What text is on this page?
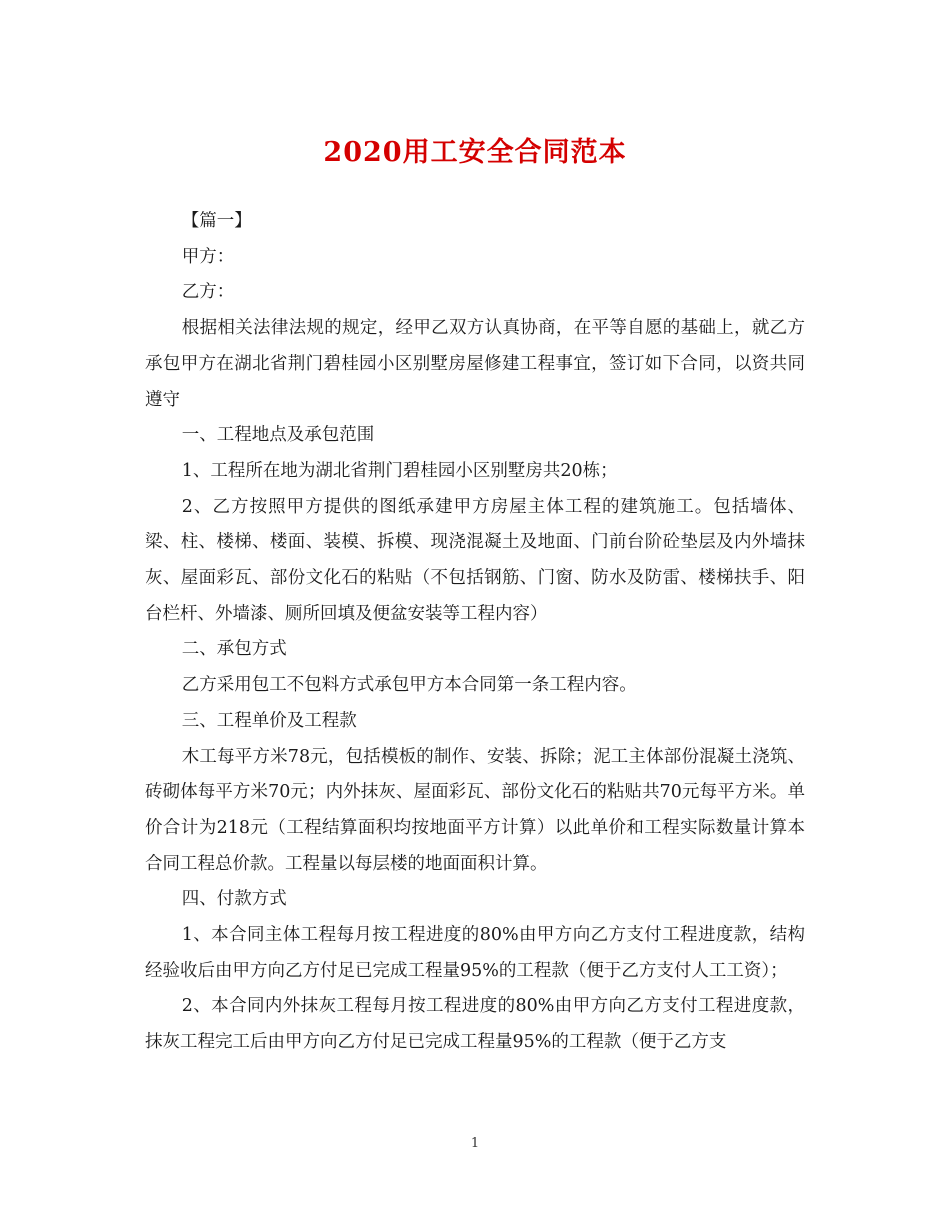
2020用工安全合同范本

【篇一】

甲方：

乙方：

根据相关法律法规的规定，经甲乙双方认真协商，在平等自愿的基础上，就乙方承包甲方在湖北省荆门碧桂园小区别墅房屋修建工程事宜，签订如下合同，以资共同遵守

一、工程地点及承包范围

1、工程所在地为湖北省荆门碧桂园小区别墅房共20栋；

2、乙方按照甲方提供的图纸承建甲方房屋主体工程的建筑施工。包括墙体、梁、柱、楼梯、楼面、装模、拆模、现浇混凝土及地面、门前台阶砼垫层及内外墙抹灰、屋面彩瓦、部份文化石的粘贴（不包括钢筋、门窗、防水及防雷、楼梯扶手、阳台栏杆、外墙漆、厕所回填及便盆安装等工程内容）

二、承包方式

乙方采用包工不包料方式承包甲方本合同第一条工程内容。

三、工程单价及工程款

木工每平方米78元，包括模板的制作、安装、拆除；泥工主体部份混凝土浇筑、砖砌体每平方米70元；内外抹灰、屋面彩瓦、部份文化石的粘贴共70元每平方米。单价合计为218元（工程结算面积均按地面平方计算）以此单价和工程实际数量计算本合同工程总价款。工程量以每层楼的地面面积计算。

四、付款方式

1、本合同主体工程每月按工程进度的80%由甲方向乙方支付工程进度款，结构经验收后由甲方向乙方付足已完成工程量95%的工程款（便于乙方支付人工工资）；

2、本合同内外抹灰工程每月按工程进度的80%由甲方向乙方支付工程进度款，抹灰工程完工后由甲方向乙方付足已完成工程量95%的工程款（便于乙方支

1
